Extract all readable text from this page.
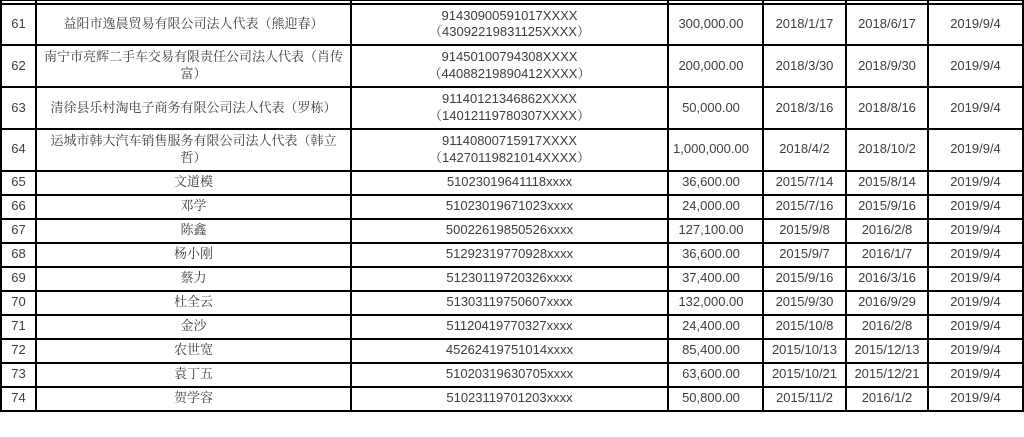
61	益阳市逸晨贸易有限公司法人代表（熊迎春）	91430900591017XXXX
（43092219831125XXXX）	300,000.00	2018/1/17	2018/6/17	2019/9/4
62	南宁市亮辉二手车交易有限责任公司法人代表（肖传富）	91450100794308XXXX
（44088219890412XXXX）	200,000.00	2018/3/30	2018/9/30	2019/9/4
63	清徐县乐村淘电子商务有限公司法人代表（罗栋）	91140121346862XXXX
（14012119780307XXXX）	50,000.00	2018/3/16	2018/8/16	2019/9/4
64	运城市韩大汽车销售服务有限公司法人代表（韩立哲）	91140800715917XXXX
（14270119821014XXXX）	1,000,000.00	2018/4/2	2018/10/2	2019/9/4
65	文道模	51023019641118xxxx	36,600.00	2015/7/14	2015/8/14	2019/9/4
66	邓学	51023019671023xxxx	24,000.00	2015/7/16	2015/9/16	2019/9/4
67	陈鑫	50022619850526xxxx	127,100.00	2015/9/8	2016/2/8	2019/9/4
68	杨小刚	51292319770928xxxx	36,600.00	2015/9/7	2016/1/7	2019/9/4
69	蔡力	51230119720326xxxx	37,400.00	2015/9/16	2016/3/16	2019/9/4
70	杜全云	51303119750607xxxx	132,000.00	2015/9/30	2016/9/29	2019/9/4
71	金沙	51120419770327xxxx	24,400.00	2015/10/8	2016/2/8	2019/9/4
72	农世宽	45262419751014xxxx	85,400.00	2015/10/13	2015/12/13	2019/9/4
73	袁丁五	51020319630705xxxx	63,600.00	2015/10/21	2015/12/21	2019/9/4
74	贺学容	51023119701203xxxx	50,800.00	2015/11/2	2016/1/2	2019/9/4
